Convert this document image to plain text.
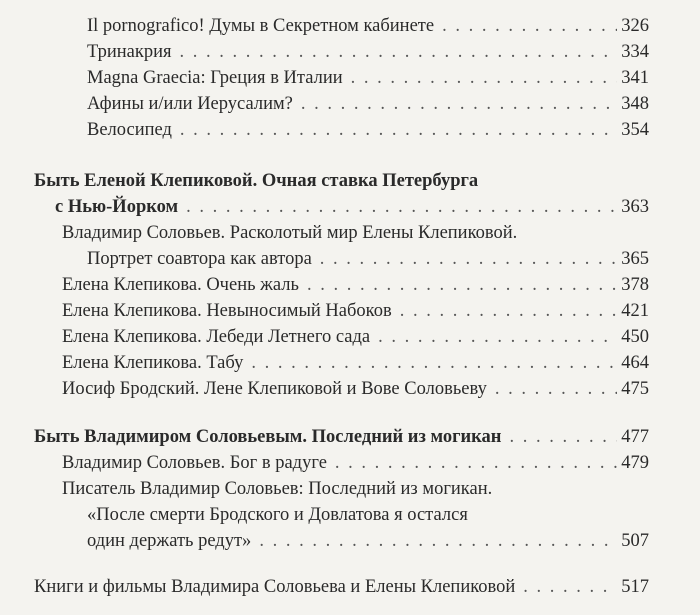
Il pornografico! Думы в Секретном кабинете . . .	326
Тринакрия . . .	334
Magna Graecia: Греция в Италии . . .	341
Афины и/или Иерусалим? . . .	348
Велосипед . . .	354
Быть Еленой Клепиковой. Очная ставка Петербурга
с Нью-Йорком . . .	363
Владимир Соловьев. Расколотый мир Елены Клепиковой.
Портрет соавтора как автора . . .	365
Елена Клепикова. Очень жаль . . .	378
Елена Клепикова. Невыносимый Набоков . . .	421
Елена Клепикова. Лебеди Летнего сада . . .	450
Елена Клепикова. Табу . . .	464
Иосиф Бродский. Лене Клепиковой и Вове Соловьеву . . .	475
Быть Владимиром Соловьевым. Последний из могикан . . .	477
Владимир Соловьев. Бог в радуге . . .	479
Писатель Владимир Соловьев: Последний из могикан.
«После смерти Бродского и Довлатова я остался
один держать редут» . . .	507
Книги и фильмы Владимира Соловьева и Елены Клепиковой . . .	517
